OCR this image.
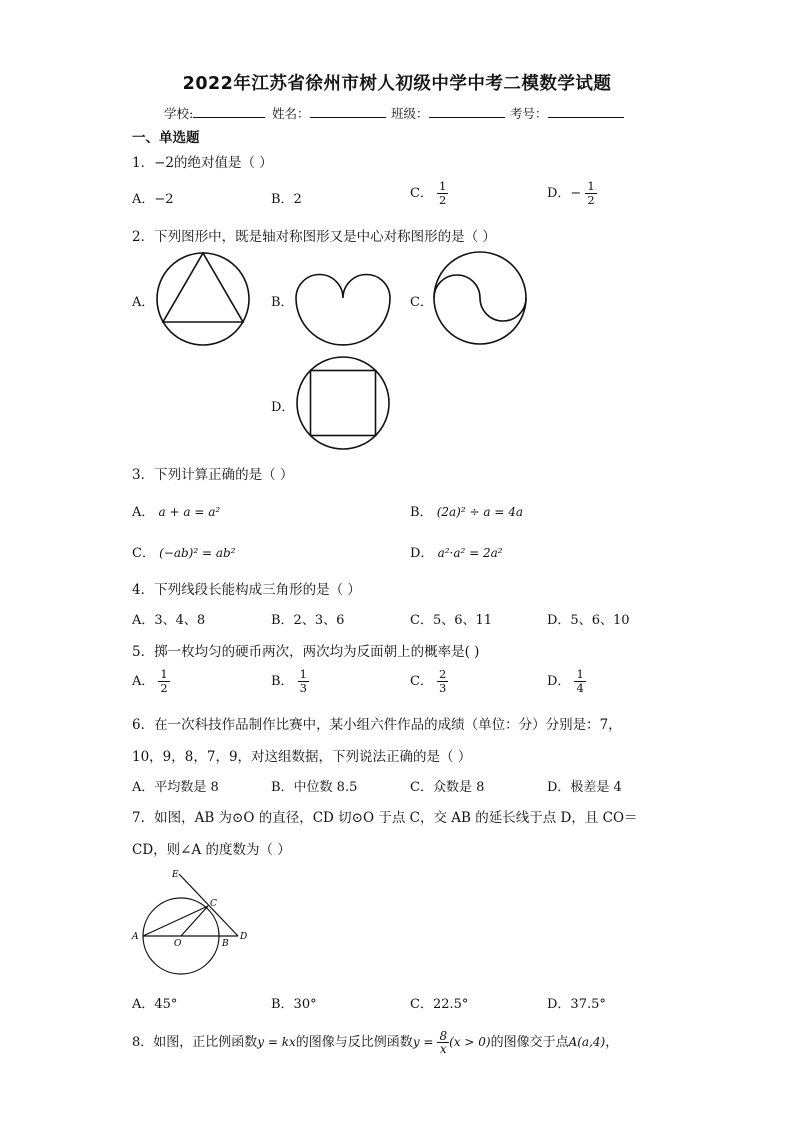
2022年江苏省徐州市树人初级中学中考二模数学试题
学校:	姓名：	班级：	考号：
一、单选题
1．−2的绝对值是（ ）
A．−2	B．2	C． $\frac{1}{2}$	D．− $\frac{1}{2}$
2．下列图形中，既是轴对称图形又是中心对称图形的是（ ）
A．	B．	C．
D．
3．下列计算正确的是（ ）
A． a + a = a²	B． (2a)² ÷ a = 4a
C． (−ab)² = ab²	D． a²·a² = 2a²
4．下列线段长能构成三角形的是（ ）
A．3、4、8	B．2、3、6	C．5、6、11	D．5、6、10
5．掷一枚均匀的硬币两次，两次均为反面朝上的概率是( )
A． $\frac{1}{2}$	B． $\frac{1}{3}$	C． $\frac{2}{3}$	D． $\frac{1}{4}$
6．在一次科技作品制作比赛中，某小组六件作品的成绩（单位：分）分别是：7，
10，9，8，7，9，对这组数据，下列说法正确的是（ ）
A．平均数是 8	B．中位数 8.5	C．众数是 8	D．极差是 4
7．如图，AB 为⊙O 的直径，CD 切⊙O 于点 C，交 AB 的延长线于点 D，且 CO＝
CD，则∠A 的度数为（ ）
E
C
A
O	B
D
A．45°	B．30°	C．22.5°	D．37.5°
8．如图，正比例函数y = kx的图像与反比例函数$y = \frac{8}{x} (x > 0)$的图像交于点A(a,4)，
